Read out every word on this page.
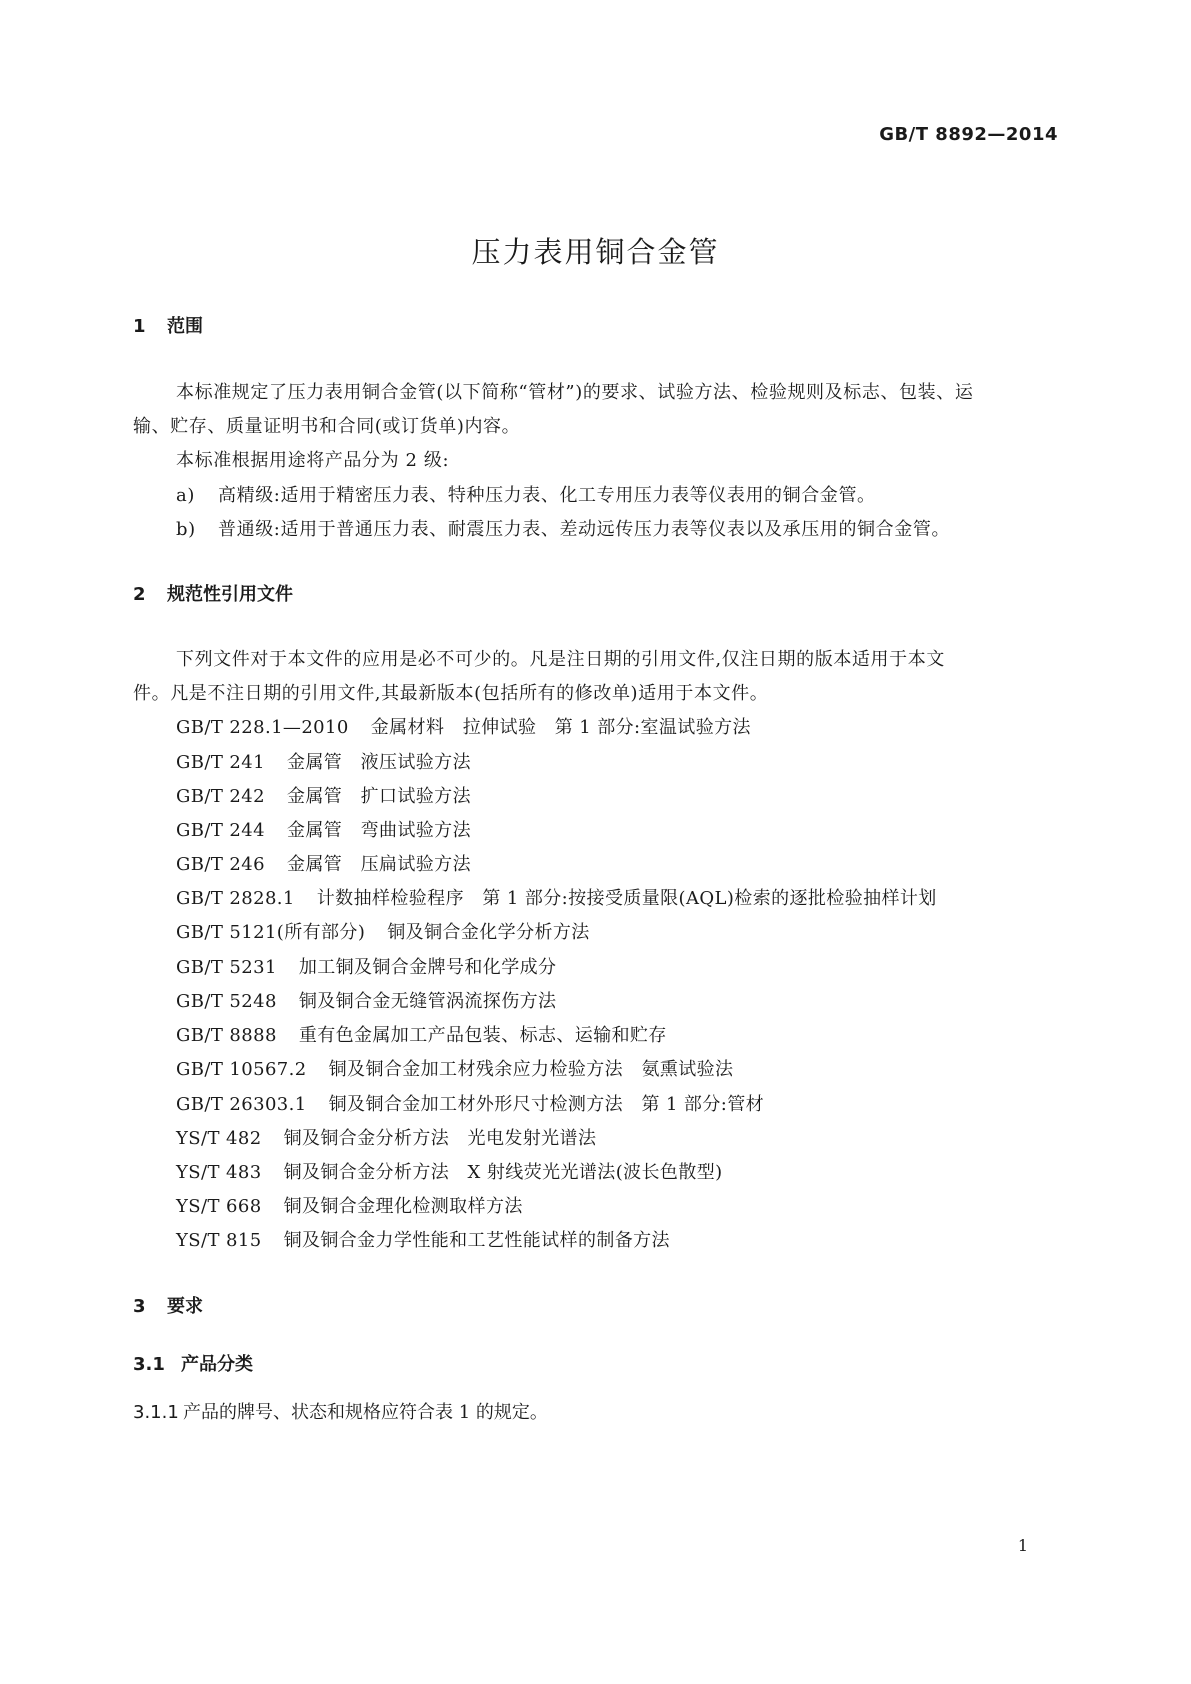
GB/T 8892—2014
压力表用铜合金管
1 范围
本标准规定了压力表用铜合金管(以下简称“管材”)的要求、试验方法、检验规则及标志、包装、运
输、贮存、质量证明书和合同(或订货单)内容。
本标准根据用途将产品分为 2 级:
a) 高精级:适用于精密压力表、特种压力表、化工专用压力表等仪表用的铜合金管。
b) 普通级:适用于普通压力表、耐震压力表、差动远传压力表等仪表以及承压用的铜合金管。
2 规范性引用文件
下列文件对于本文件的应用是必不可少的。凡是注日期的引用文件,仅注日期的版本适用于本文
件。凡是不注日期的引用文件,其最新版本(包括所有的修改单)适用于本文件。
GB/T 228.1—2010 金属材料　拉伸试验　第 1 部分:室温试验方法
GB/T 241 金属管　液压试验方法
GB/T 242 金属管　扩口试验方法
GB/T 244 金属管　弯曲试验方法
GB/T 246 金属管　压扁试验方法
GB/T 2828.1 计数抽样检验程序　第 1 部分:按接受质量限(AQL)检索的逐批检验抽样计划
GB/T 5121(所有部分) 铜及铜合金化学分析方法
GB/T 5231 加工铜及铜合金牌号和化学成分
GB/T 5248 铜及铜合金无缝管涡流探伤方法
GB/T 8888 重有色金属加工产品包装、标志、运输和贮存
GB/T 10567.2 铜及铜合金加工材残余应力检验方法　氨熏试验法
GB/T 26303.1 铜及铜合金加工材外形尺寸检测方法　第 1 部分:管材
YS/T 482 铜及铜合金分析方法　光电发射光谱法
YS/T 483 铜及铜合金分析方法　X 射线荧光光谱法(波长色散型)
YS/T 668 铜及铜合金理化检测取样方法
YS/T 815 铜及铜合金力学性能和工艺性能试样的制备方法
3 要求
3.1 产品分类
3.1.1 产品的牌号、状态和规格应符合表 1 的规定。
1
